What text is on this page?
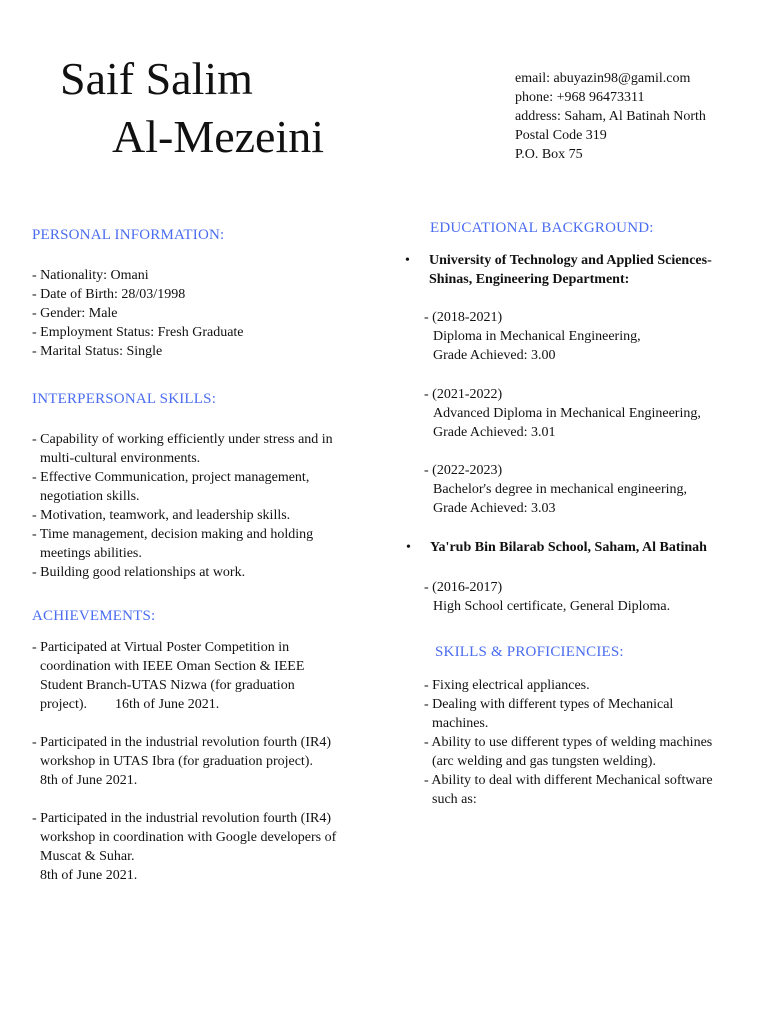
Saif Salim
Al-Mezeini
email: abuyazin98@gamil.com
phone: +968 96473311
address: Saham, Al Batinah North
Postal Code 319
P.O. Box 75
PERSONAL INFORMATION:
- Nationality: Omani
- Date of Birth: 28/03/1998
- Gender: Male
- Employment Status: Fresh Graduate
- Marital Status: Single
INTERPERSONAL SKILLS:
- Capability of working efficiently under stress and in
multi-cultural environments.
- Effective Communication, project management,
negotiation skills.
- Motivation, teamwork, and leadership skills.
- Time management, decision making and holding
meetings abilities.
- Building good relationships at work.
ACHIEVEMENTS:
- Participated at Virtual Poster Competition in
coordination with IEEE Oman Section & IEEE
Student Branch-UTAS Nizwa (for graduation
project).        16th of June 2021.
- Participated in the industrial revolution fourth (IR4)
workshop in UTAS Ibra (for graduation project).
8th of June 2021.
- Participated in the industrial revolution fourth (IR4)
workshop in coordination with Google developers of
Muscat & Suhar.
8th of June 2021.
EDUCATIONAL BACKGROUND:
• University of Technology and Applied Sciences-
Shinas, Engineering Department:
- (2018-2021)
Diploma in Mechanical Engineering,
Grade Achieved: 3.00
- (2021-2022)
Advanced Diploma in Mechanical Engineering,
Grade Achieved: 3.01
- (2022-2023)
Bachelor's degree in mechanical engineering,
Grade Achieved: 3.03
• Ya'rub Bin Bilarab School, Saham, Al Batinah
- (2016-2017)
High School certificate, General Diploma.
SKILLS & PROFICIENCIES:
- Fixing electrical appliances.
- Dealing with different types of Mechanical
machines.
- Ability to use different types of welding machines
(arc welding and gas tungsten welding).
- Ability to deal with different Mechanical software
such as:
